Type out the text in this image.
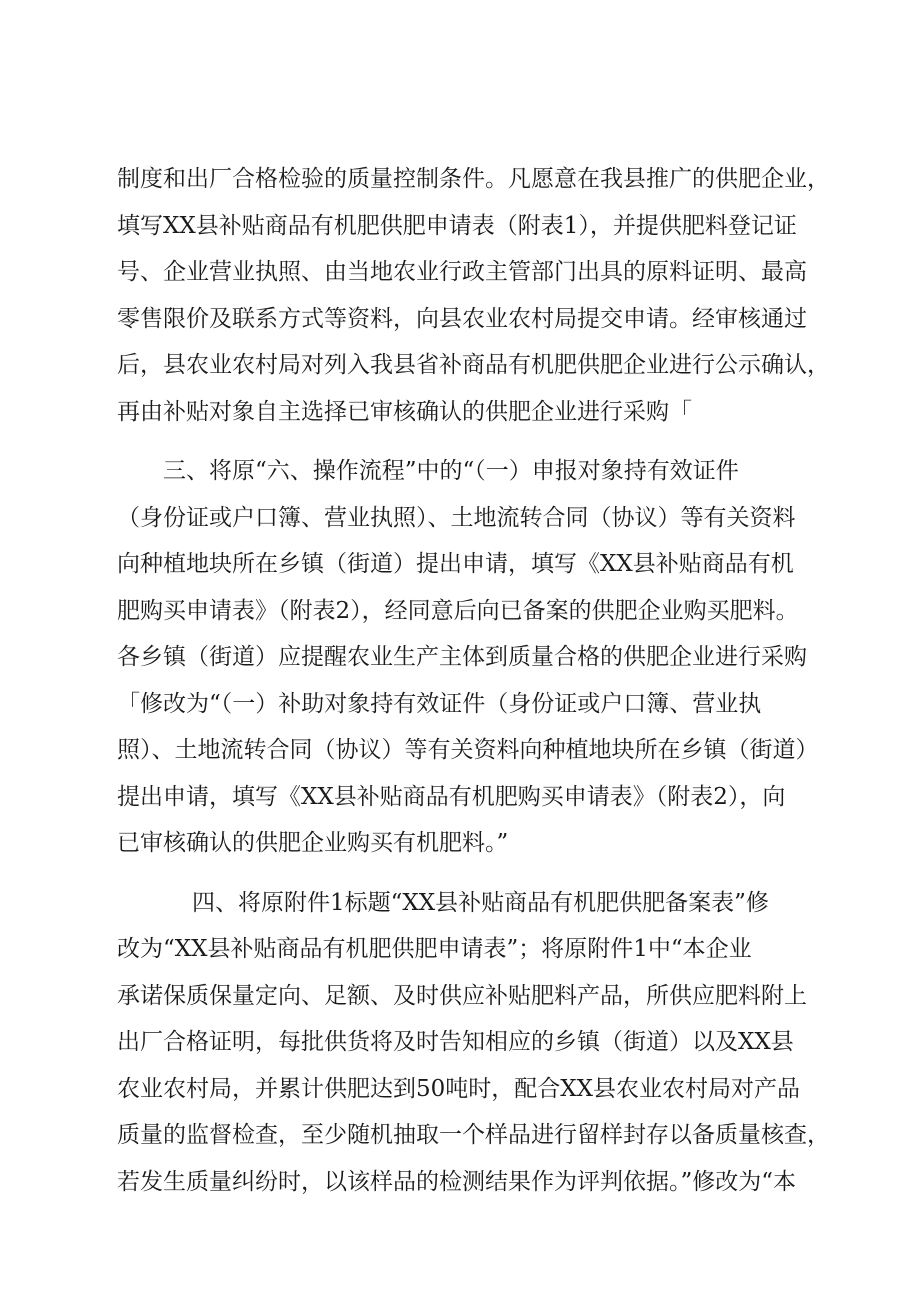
制度和出厂合格检验的质量控制条件。凡愿意在我县推广的供肥企业，
填写XX县补贴商品有机肥供肥申请表（附表1），并提供肥料登记证
号、企业营业执照、由当地农业行政主管部门出具的原料证明、最高
零售限价及联系方式等资料，向县农业农村局提交申请。经审核通过
后，县农业农村局对列入我县省补商品有机肥供肥企业进行公示确认，
再由补贴对象自主选择已审核确认的供肥企业进行采购「
三、将原“六、操作流程”中的“（一）申报对象持有效证件
（身份证或户口簿、营业执照）、土地流转合同（协议）等有关资料
向种植地块所在乡镇（街道）提出申请，填写《XX县补贴商品有机
肥购买申请表》（附表2），经同意后向已备案的供肥企业购买肥料。
各乡镇（街道）应提醒农业生产主体到质量合格的供肥企业进行采购
「修改为“（一）补助对象持有效证件（身份证或户口簿、营业执
照）、土地流转合同（协议）等有关资料向种植地块所在乡镇（街道）
提出申请，填写《XX县补贴商品有机肥购买申请表》（附表2），向
已审核确认的供肥企业购买有机肥料。”
四、将原附件1标题“XX县补贴商品有机肥供肥备案表”修
改为“XX县补贴商品有机肥供肥申请表”；将原附件1中“本企业
承诺保质保量定向、足额、及时供应补贴肥料产品，所供应肥料附上
出厂合格证明，每批供货将及时告知相应的乡镇（街道）以及XX县
农业农村局，并累计供肥达到50吨时，配合XX县农业农村局对产品
质量的监督检查，至少随机抽取一个样品进行留样封存以备质量核查，
若发生质量纠纷时，以该样品的检测结果作为评判依据。”修改为“本
